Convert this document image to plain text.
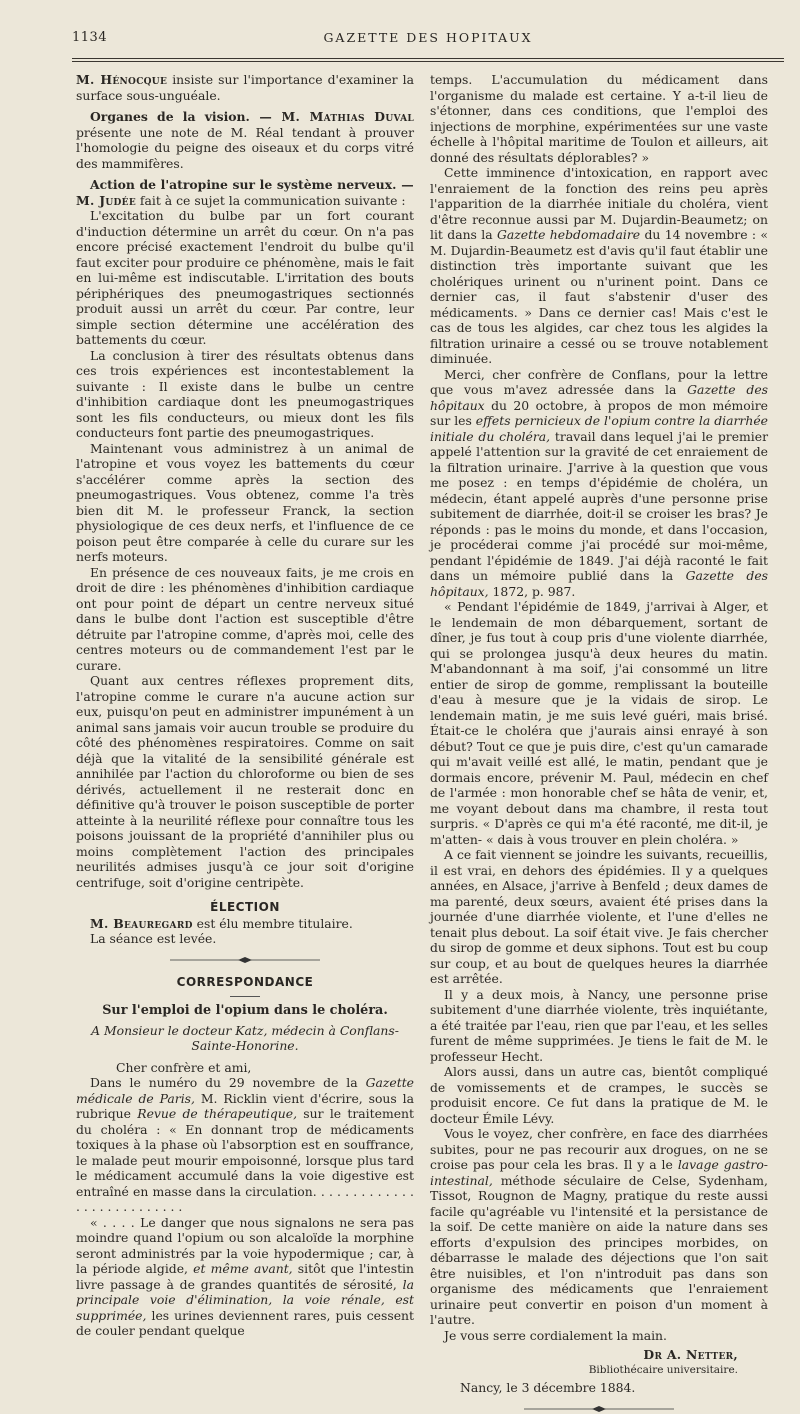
1134	GAZETTE DES HOPITAUX

M. Hénocque insiste sur l'importance d'examiner la surface sous-unguéale.

Organes de la vision. — M. Mathias Duval présente une note de M. Réal tendant à prouver l'homologie du peigne des oiseaux et du corps vitré des mammifères.

Action de l'atropine sur le système nerveux. — M. Judée fait à ce sujet la communication suivante :

L'excitation du bulbe par un fort courant d'induction détermine un arrêt du cœur. On n'a pas encore précisé exactement l'endroit du bulbe qu'il faut exciter pour produire ce phénomène, mais le fait en lui-même est indiscutable. L'irritation des bouts périphériques des pneumogastriques sectionnés produit aussi un arrêt du cœur. Par contre, leur simple section détermine une accélération des battements du cœur.

La conclusion à tirer des résultats obtenus dans ces trois expériences est incontestablement la suivante : Il existe dans le bulbe un centre d'inhibition cardiaque dont les pneumogastriques sont les fils conducteurs, ou mieux dont les fils conducteurs font partie des pneumogastriques.

Maintenant vous administrez à un animal de l'atropine et vous voyez les battements du cœur s'accélérer comme après la section des pneumogastriques. Vous obtenez, comme l'a très bien dit M. le professeur Franck, la section physiologique de ces deux nerfs, et l'influence de ce poison peut être comparée à celle du curare sur les nerfs moteurs.

En présence de ces nouveaux faits, je me crois en droit de dire : les phénomènes d'inhibition cardiaque ont pour point de départ un centre nerveux situé dans le bulbe dont l'action est susceptible d'être détruite par l'atropine comme, d'après moi, celle des centres moteurs ou de commandement l'est par le curare.

Quant aux centres réflexes proprement dits, l'atropine comme le curare n'a aucune action sur eux, puisqu'on peut en administrer impunément à un animal sans jamais voir aucun trouble se produire du côté des phénomènes respiratoires. Comme on sait déjà que la vitalité de la sensibilité générale est annihilée par l'action du chloroforme ou bien de ses dérivés, actuellement il ne resterait donc en définitive qu'à trouver le poison susceptible de porter atteinte à la neurilité réflexe pour connaître tous les poisons jouissant de la propriété d'annihiler plus ou moins complètement l'action des principales neurilités admises jusqu'à ce jour soit d'origine centrifuge, soit d'origine centripète.

ÉLECTION

M. Beauregard est élu membre titulaire.

La séance est levée.

CORRESPONDANCE

Sur l'emploi de l'opium dans le choléra.

A Monsieur le docteur Katz, médecin à Conflans-Sainte-Honorine.

Cher confrère et ami,

Dans le numéro du 29 novembre de la Gazette médicale de Paris, M. Ricklin vient d'écrire, sous la rubrique Revue de thérapeutique, sur le traitement du choléra : « En donnant trop de médicaments toxiques à la phase où l'absorption est en souffrance, le malade peut mourir empoisonné, lorsque plus tard le médicament accumulé dans la voie digestive est entraîné en masse dans la circulation. . . . . . . . . . . . . . . . . . . . . . . . . . .

« . . . . Le danger que nous signalons ne sera pas moindre quand l'opium ou son alcaloïde la morphine seront administrés par la voie hypodermique ; car, à la période algide, et même avant, sitôt que l'intestin livre passage à de grandes quantités de sérosité, la principale voie d'élimination, la voie rénale, est supprimée, les urines deviennent rares, puis cessent de couler pendant quelque

temps. L'accumulation du médicament dans l'organisme du malade est certaine. Y a-t-il lieu de s'étonner, dans ces conditions, que l'emploi des injections de morphine, expérimentées sur une vaste échelle à l'hôpital maritime de Toulon et ailleurs, ait donné des résultats déplorables? »

Cette imminence d'intoxication, en rapport avec l'enraiement de la fonction des reins peu après l'apparition de la diarrhée initiale du choléra, vient d'être reconnue aussi par M. Dujardin-Beaumetz; on lit dans la Gazette hebdomadaire du 14 novembre : « M. Dujardin-Beaumetz est d'avis qu'il faut établir une distinction très importante suivant que les cholériques urinent ou n'urinent point. Dans ce dernier cas, il faut s'abstenir d'user des médicaments. » Dans ce dernier cas! Mais c'est le cas de tous les algides, car chez tous les algides la filtration urinaire a cessé ou se trouve notablement diminuée.

Merci, cher confrère de Conflans, pour la lettre que vous m'avez adressée dans la Gazette des hôpitaux du 20 octobre, à propos de mon mémoire sur les effets pernicieux de l'opium contre la diarrhée initiale du choléra, travail dans lequel j'ai le premier appelé l'attention sur la gravité de cet enraiement de la filtration urinaire. J'arrive à la question que vous me posez : en temps d'épidémie de choléra, un médecin, étant appelé auprès d'une personne prise subitement de diarrhée, doit-il se croiser les bras? Je réponds : pas le moins du monde, et dans l'occasion, je procéderai comme j'ai procédé sur moi-même, pendant l'épidémie de 1849. J'ai déjà raconté le fait dans un mémoire publié dans la Gazette des hôpitaux, 1872, p. 987.

« Pendant l'épidémie de 1849, j'arrivai à Alger, et le lendemain de mon débarquement, sortant de dîner, je fus tout à coup pris d'une violente diarrhée, qui se prolongea jusqu'à deux heures du matin. M'abandonnant à ma soif, j'ai consommé un litre entier de sirop de gomme, remplissant la bouteille d'eau à mesure que je la vidais de sirop. Le lendemain matin, je me suis levé guéri, mais brisé. Était-ce le choléra que j'aurais ainsi enrayé à son début? Tout ce que je puis dire, c'est qu'un camarade qui m'avait veillé est allé, le matin, pendant que je dormais encore, prévenir M. Paul, médecin en chef de l'armée : mon honorable chef se hâta de venir, et, me voyant debout dans ma chambre, il resta tout surpris. « D'après ce qui m'a été raconté, me dit-il, je m'atten- « dais à vous trouver en plein choléra. »

A ce fait viennent se joindre les suivants, recueillis, il est vrai, en dehors des épidémies. Il y a quelques années, en Alsace, j'arrive à Benfeld ; deux dames de ma parenté, deux sœurs, avaient été prises dans la journée d'une diarrhée violente, et l'une d'elles ne tenait plus debout. La soif était vive. Je fais chercher du sirop de gomme et deux siphons. Tout est bu coup sur coup, et au bout de quelques heures la diarrhée est arrêtée.

Il y a deux mois, à Nancy, une personne prise subitement d'une diarrhée violente, très inquiétante, a été traitée par l'eau, rien que par l'eau, et les selles furent de même supprimées. Je tiens le fait de M. le professeur Hecht.

Alors aussi, dans un autre cas, bientôt compliqué de vomissements et de crampes, le succès se produisit encore. Ce fut dans la pratique de M. le docteur Émile Lévy.

Vous le voyez, cher confrère, en face des diarrhées subites, pour ne pas recourir aux drogues, on ne se croise pas pour cela les bras. Il y a le lavage gastro-intestinal, méthode séculaire de Celse, Sydenham, Tissot, Rougnon de Magny, pratique du reste aussi facile qu'agréable vu l'intensité et la persistance de la soif. De cette manière on aide la nature dans ses efforts d'expulsion des principes morbides, on débarrasse le malade des déjections que l'on sait être nuisibles, et l'on n'introduit pas dans son organisme des médicaments que l'enraiement urinaire peut convertir en poison d'un moment à l'autre.

Je vous serre cordialement la main.

Dr A. Netter,

Bibliothécaire universitaire.

Nancy, le 3 décembre 1884.
